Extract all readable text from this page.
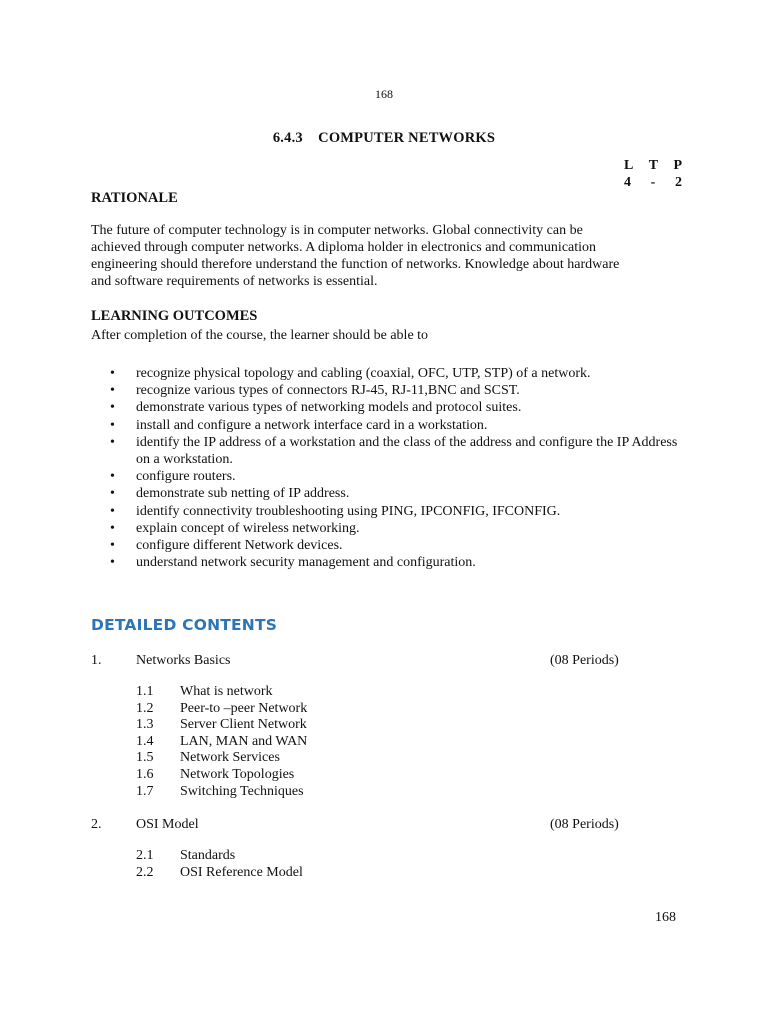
168
6.4.3    COMPUTER NETWORKS
L T P
4 - 2
RATIONALE
The future of computer technology is in computer networks. Global connectivity can be
achieved through computer networks. A diploma holder in electronics and communication
engineering should therefore understand the function of networks. Knowledge about hardware
and software requirements of networks is essential.
LEARNING OUTCOMES
After completion of the course, the learner should be able to
• recognize physical topology and cabling (coaxial, OFC, UTP, STP) of a network.
• recognize various types of connectors RJ-45, RJ-11,BNC and SCST.
• demonstrate various types of networking models and protocol suites.
• install and configure a network interface card in a workstation.
• identify the IP address of a workstation and the class of the address and configure the IP Address on a workstation.
• configure routers.
• demonstrate sub netting of IP address.
• identify connectivity troubleshooting using PING, IPCONFIG, IFCONFIG.
• explain concept of wireless networking.
• configure different Network devices.
• understand network security management and configuration.
DETAILED CONTENTS
1. Networks Basics	(08 Periods)
1.1 What is network
1.2 Peer-to –peer Network
1.3 Server Client Network
1.4 LAN, MAN and WAN
1.5 Network Services
1.6 Network Topologies
1.7 Switching Techniques
2. OSI Model	(08 Periods)
2.1 Standards
2.2 OSI Reference Model
168
